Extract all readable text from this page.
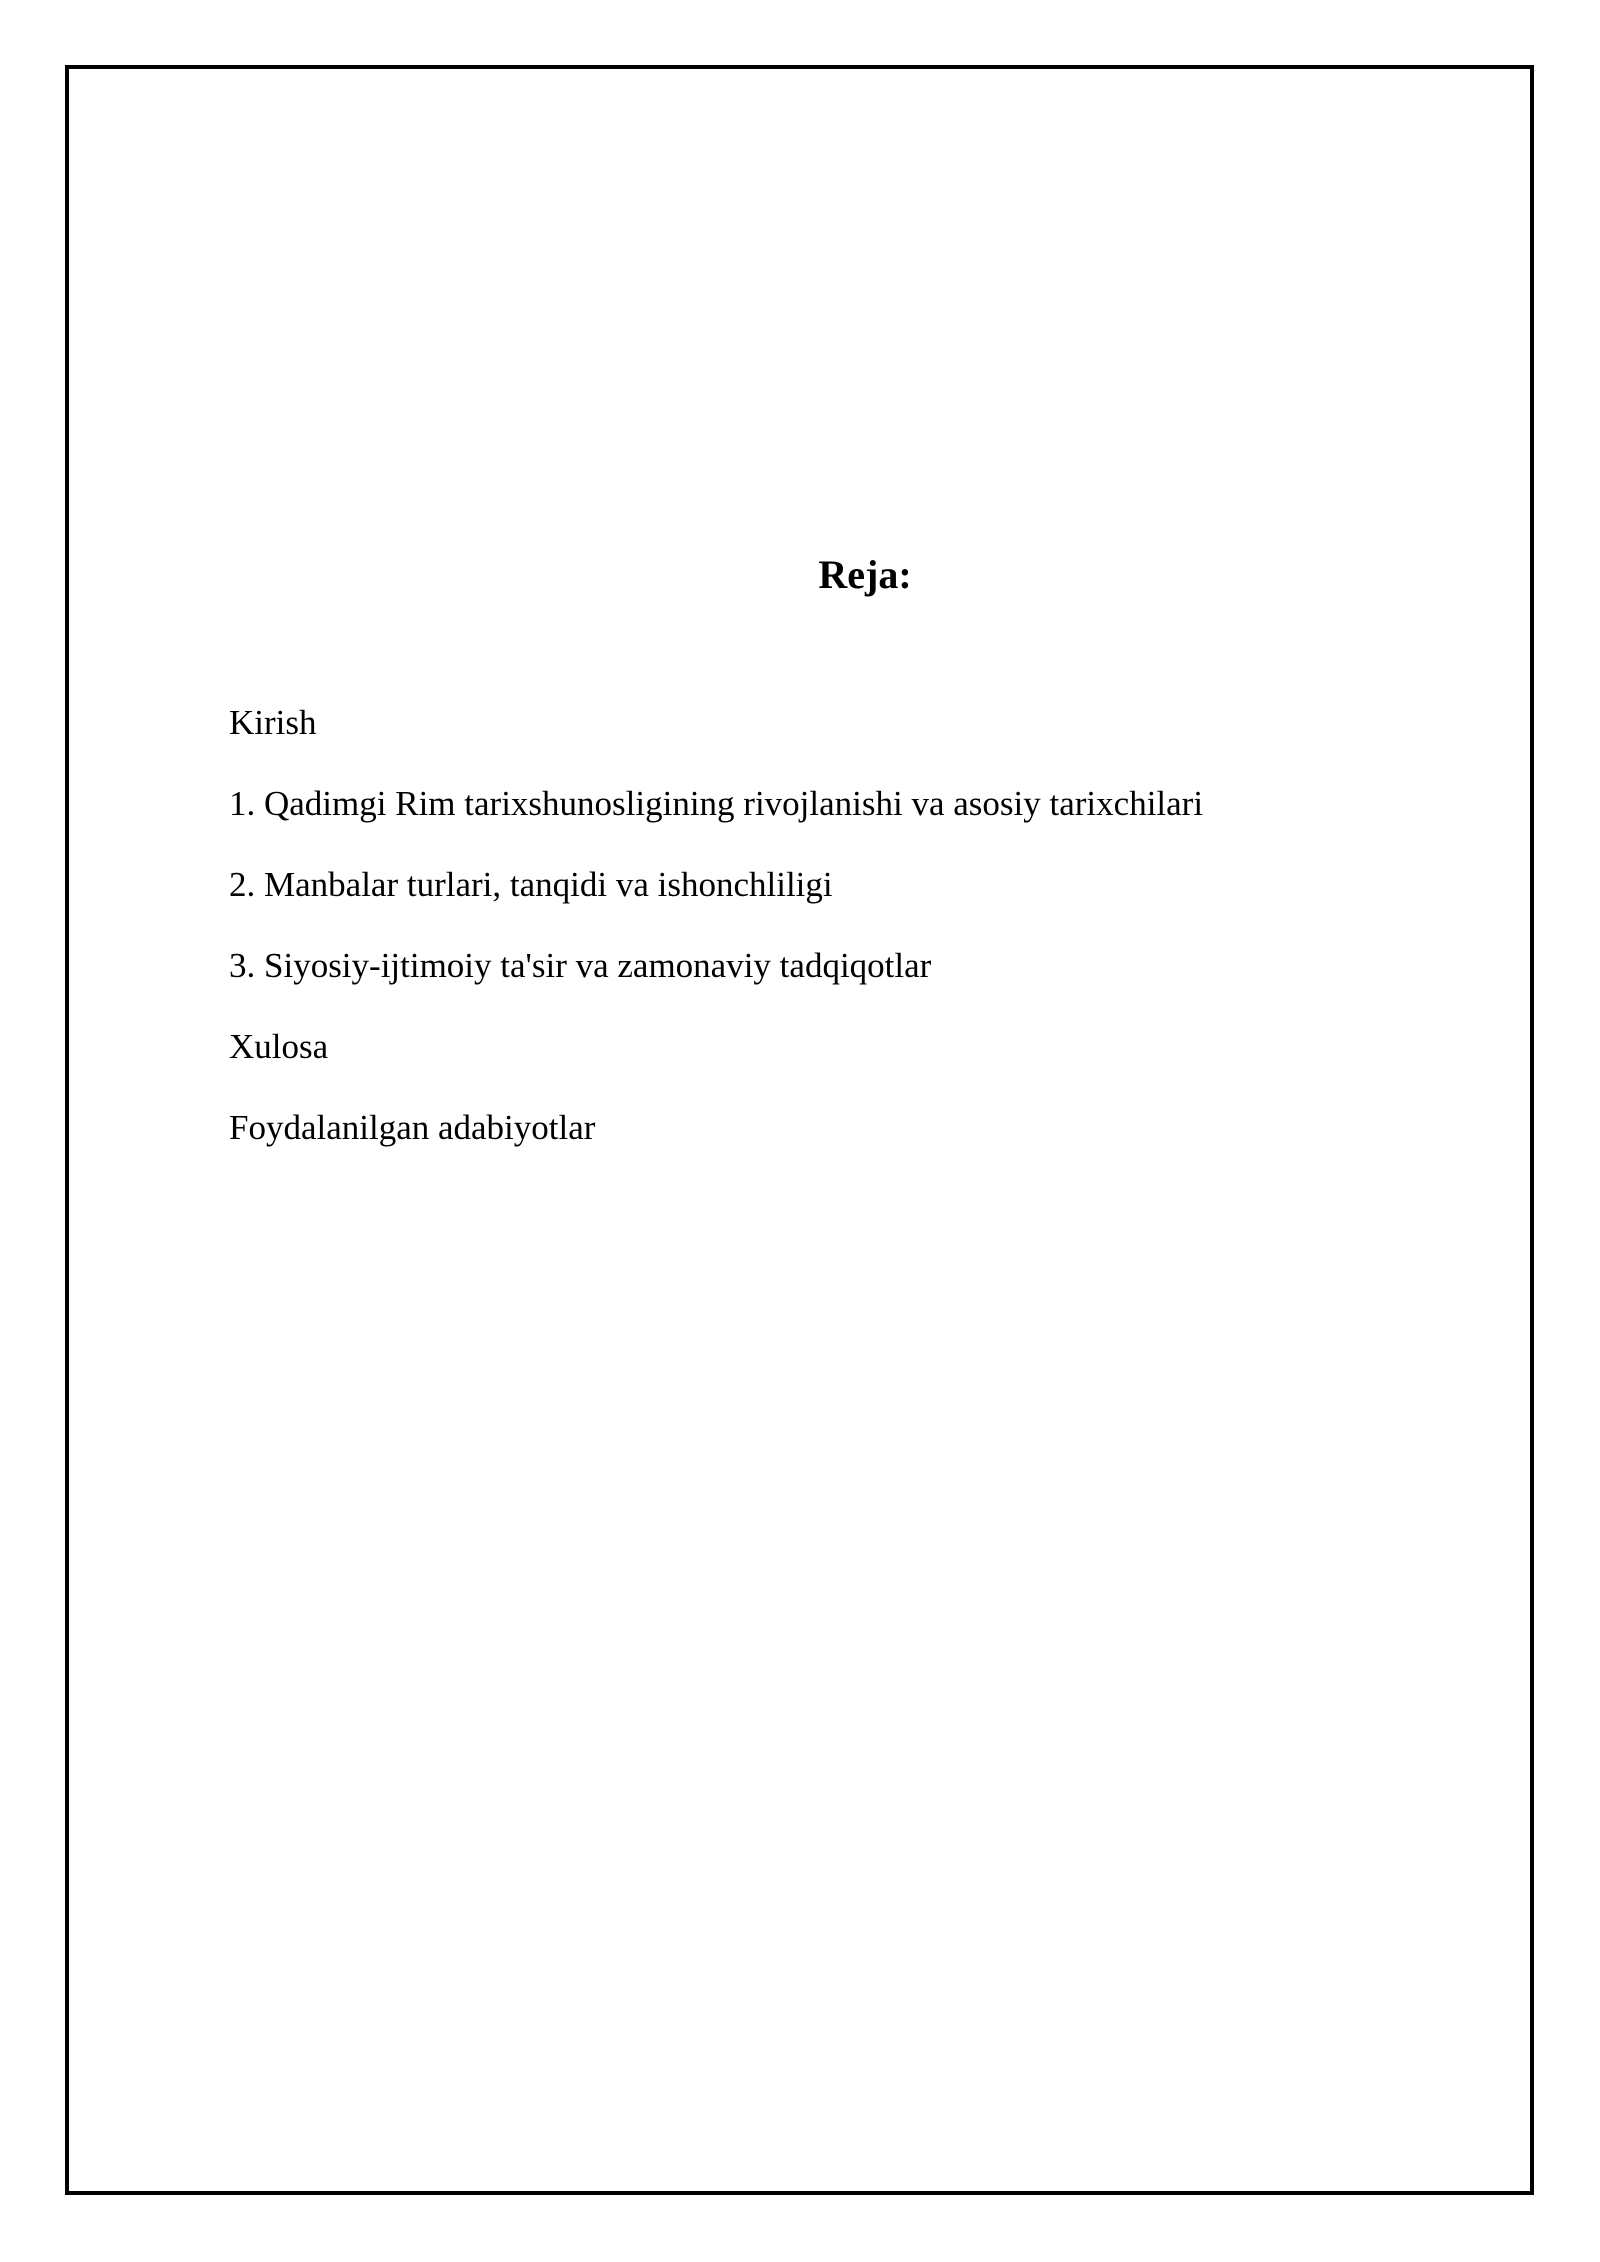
Reja:
Kirish
1. Qadimgi Rim tarixshunosligining rivojlanishi va asosiy tarixchilari
2. Manbalar turlari, tanqidi va ishonchliligi
3. Siyosiy-ijtimoiy ta'sir va zamonaviy tadqiqotlar
Xulosa
Foydalanilgan adabiyotlar
